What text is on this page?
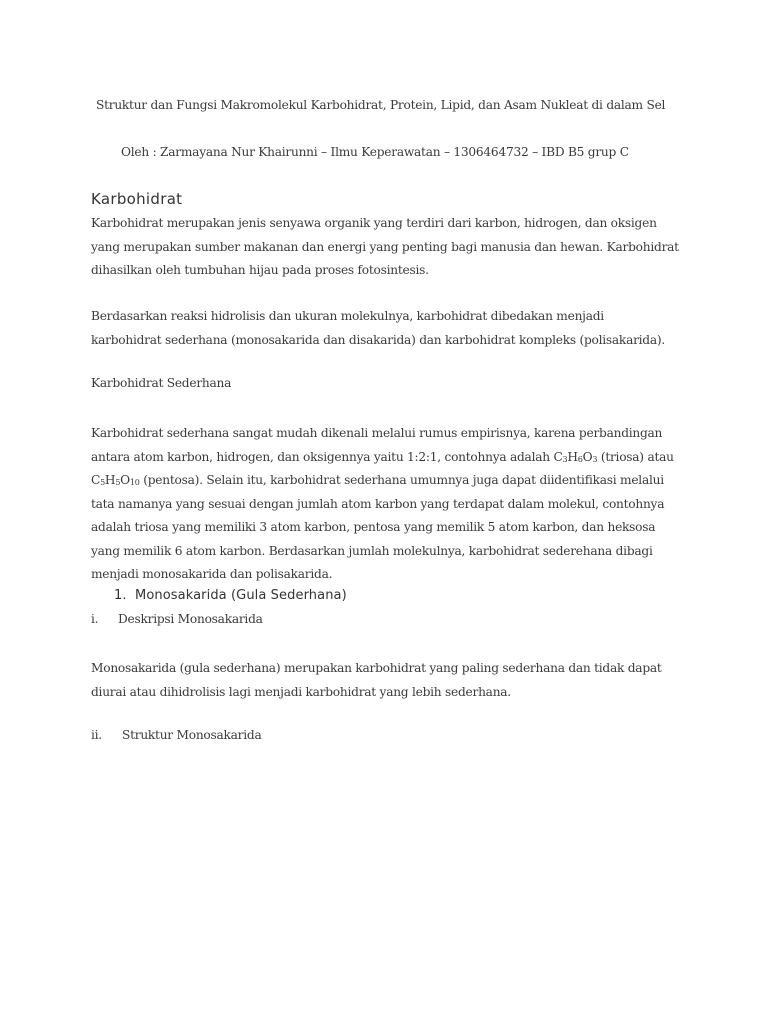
Struktur dan Fungsi Makromolekul Karbohidrat, Protein, Lipid, dan Asam Nukleat di dalam Sel
Oleh : Zarmayana Nur Khairunni – Ilmu Keperawatan – 1306464732 – IBD B5 grup C
Karbohidrat
Karbohidrat merupakan jenis senyawa organik yang terdiri dari karbon, hidrogen, dan oksigen
yang merupakan sumber makanan dan energi yang penting bagi manusia dan hewan. Karbohidrat
dihasilkan oleh tumbuhan hijau pada proses fotosintesis.
Berdasarkan reaksi hidrolisis dan ukuran molekulnya, karbohidrat dibedakan menjadi
karbohidrat sederhana (monosakarida dan disakarida) dan karbohidrat kompleks (polisakarida).
Karbohidrat Sederhana
Karbohidrat sederhana sangat mudah dikenali melalui rumus empirisnya, karena perbandingan
antara atom karbon, hidrogen, dan oksigennya yaitu 1:2:1, contohnya adalah $C_3H_6O_3$ (triosa) atau
$C_5H_5O_{10}$ (pentosa). Selain itu, karbohidrat sederhana umumnya juga dapat diidentifikasi melalui
tata namanya yang sesuai dengan jumlah atom karbon yang terdapat dalam molekul, contohnya
adalah triosa yang memiliki 3 atom karbon, pentosa yang memilik 5 atom karbon, dan heksosa
yang memilik 6 atom karbon. Berdasarkan jumlah molekulnya, karbohidrat sederehana dibagi
menjadi monosakarida dan polisakarida.
1. Monosakarida (Gula Sederhana)
i. Deskripsi Monosakarida
Monosakarida (gula sederhana) merupakan karbohidrat yang paling sederhana dan tidak dapat
diurai atau dihidrolisis lagi menjadi karbohidrat yang lebih sederhana.
ii. Struktur Monosakarida
